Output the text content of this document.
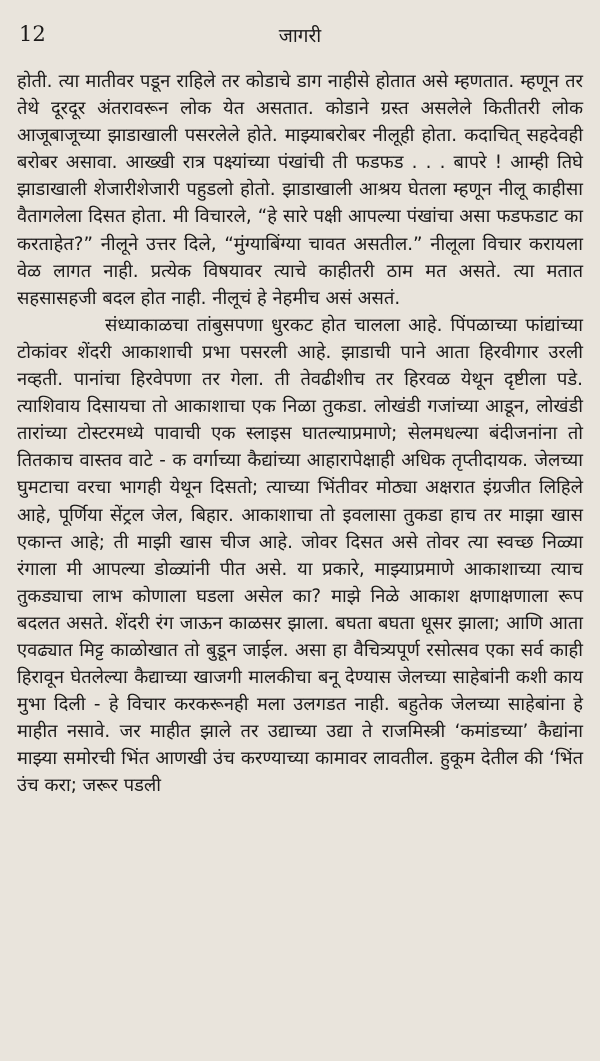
12	जागरी

होती. त्या मातीवर पडून राहिले तर कोडाचे डाग नाहीसे होतात असे म्हणतात. म्हणून तर तेथे दूरदूर अंतरावरून लोक येत असतात. कोडाने ग्रस्त असलेले कितीतरी लोक आजूबाजूच्या झाडाखाली पसरलेले होते. माझ्याबरोबर नीलूही होता. कदाचित् सहदेवही बरोबर असावा. आख्खी रात्र पक्ष्यांच्या पंखांची ती फडफड . . . बापरे ! आम्ही तिघे झाडाखाली शेजारीशेजारी पहुडलो होतो. झाडाखाली आश्रय घेतला म्हणून नीलू काहीसा वैतागलेला दिसत होता. मी विचारले, “हे सारे पक्षी आपल्या पंखांचा असा फडफडाट का करताहेत?” नीलूने उत्तर दिले, “मुंग्याबिंग्या चावत असतील.” नीलूला विचार करायला वेळ लागत नाही. प्रत्येक विषयावर त्याचे काहीतरी ठाम मत असते. त्या मतात सहसासहजी बदल होत नाही. नीलूचं हे नेहमीच असं असतं.

संध्याकाळचा तांबुसपणा धुरकट होत चालला आहे. पिंपळाच्या फांद्यांच्या टोकांवर शेंदरी आकाशाची प्रभा पसरली आहे. झाडाची पाने आता हिरवीगार उरली नव्हती. पानांचा हिरवेपणा तर गेला. ती तेवढीशीच तर हिरवळ येथून दृष्टीला पडे. त्याशिवाय दिसायचा तो आकाशाचा एक निळा तुकडा. लोखंडी गजांच्या आडून, लोखंडी तारांच्या टोस्टरमध्ये पावाची एक स्लाइस घातल्याप्रमाणे; सेलमधल्या बंदीजनांना तो तितकाच वास्तव वाटे - क वर्गाच्या कैद्यांच्या आहारापेक्षाही अधिक तृप्तीदायक. जेलच्या घुमटाचा वरचा भागही येथून दिसतो; त्याच्या भिंतीवर मोठ्या अक्षरात इंग्रजीत लिहिले आहे, पूर्णिया सेंट्रल जेल, बिहार. आकाशाचा तो इवलासा तुकडा हाच तर माझा खास एकान्त आहे; ती माझी खास चीज आहे. जोवर दिसत असे तोवर त्या स्वच्छ निळ्या रंगाला मी आपल्या डोळ्यांनी पीत असे. या प्रकारे, माझ्याप्रमाणे आकाशाच्या त्याच तुकड्याचा लाभ कोणाला घडला असेल का? माझे निळे आकाश क्षणाक्षणाला रूप बदलत असते. शेंदरी रंग जाऊन काळसर झाला. बघता बघता धूसर झाला; आणि आता एवढ्यात मिट्ट काळोखात तो बुडून जाईल. असा हा वैचित्र्यपूर्ण रसोत्सव एका सर्व काही हिरावून घेतलेल्या कैद्याच्या खाजगी मालकीचा बनू देण्यास जेलच्या साहेबांनी कशी काय मुभा दिली - हे विचार करकरूनही मला उलगडत नाही. बहुतेक जेलच्या साहेबांना हे माहीत नसावे. जर माहीत झाले तर उद्याच्या उद्या ते राजमिस्त्री ‘कमांडच्या’ कैद्यांना माझ्या समोरची भिंत आणखी उंच करण्याच्या कामावर लावतील. हुकूम देतील की ‘भिंत उंच करा; जरूर पडली
